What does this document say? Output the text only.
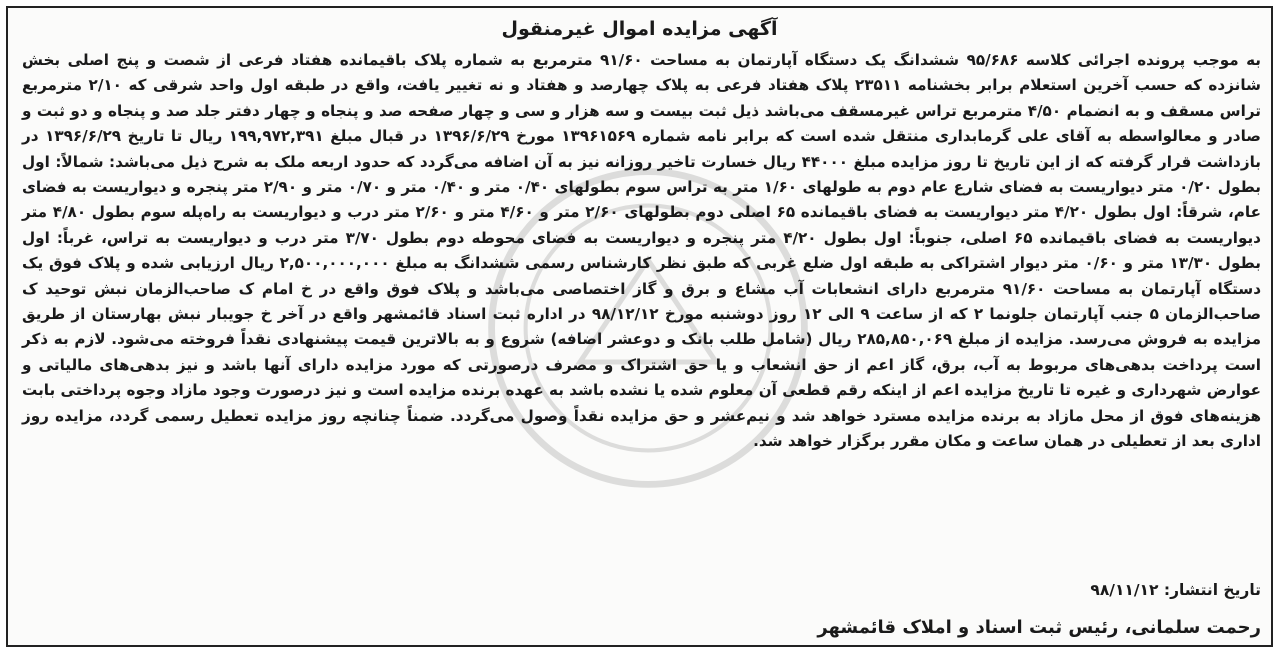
آگهی مزایده اموال غیرمنقول

به موجب پرونده اجرائی کلاسه ۹۵/۶۸۶ ششدانگ یک دستگاه آپارتمان به مساحت ۹۱/۶۰ مترمربع به شماره پلاک باقیمانده هفتاد فرعی از شصت و پنج اصلی بخش شانزده که حسب آخرین استعلام برابر بخشنامه ۲۳۵۱۱ پلاک هفتاد فرعی به پلاک چهارصد و هفتاد و نه تغییر یافت، واقع در طبقه اول واحد شرقی که ۲/۱۰ مترمربع تراس مسقف و به انضمام ۴/۵۰ مترمربع تراس غیرمسقف می‌باشد ذیل ثبت بیست و سه هزار و سی و چهار صفحه صد و پنجاه و چهار دفتر جلد صد و پنجاه و دو ثبت و صادر و معالواسطه به آقای علی گرمابداری منتقل شده است که برابر نامه شماره ۱۳۹۶۱۵۶۹ مورخ ۱۳۹۶/۶/۲۹ در قبال مبلغ ۱۹۹,۹۷۲,۳۹۱ ریال تا تاریخ ۱۳۹۶/۶/۲۹ در بازداشت قرار گرفته که از این تاریخ تا روز مزایده مبلغ ۴۴۰۰۰ ریال خسارت تاخیر روزانه نیز به آن اضافه می‌گردد که حدود اربعه ملک به شرح ذیل می‌باشد: شمالاً: اول بطول ۰/۲۰ متر دیواریست به فضای شارع عام دوم به طولهای ۱/۶۰ متر به تراس سوم بطولهای ۰/۴۰ متر و ۰/۴۰ متر و ۰/۷۰ متر و ۲/۹۰ متر پنجره و دیواریست به فضای عام، شرقاً: اول بطول ۴/۲۰ متر دیواریست به فضای باقیمانده ۶۵ اصلی دوم بطولهای ۲/۶۰ متر و ۴/۶۰ متر و ۲/۶۰ متر درب و دیواریست به راه‌پله سوم بطول ۴/۸۰ متر دیواریست به فضای باقیمانده ۶۵ اصلی، جنوباً: اول بطول ۴/۲۰ متر پنجره و دیواریست به فضای محوطه دوم بطول ۳/۷۰ متر درب و دیواریست به تراس، غرباً: اول بطول ۱۳/۳۰ متر و ۰/۶۰ متر دیوار اشتراکی به طبقه اول ضلع غربی که طبق نظر کارشناس رسمی ششدانگ به مبلغ ۲,۵۰۰,۰۰۰,۰۰۰ ریال ارزیابی شده و پلاک فوق یک دستگاه آپارتمان به مساحت ۹۱/۶۰ مترمربع دارای انشعابات آب مشاع و برق و گاز اختصاصی می‌باشد و پلاک فوق واقع در خ امام ک صاحب‌الزمان نبش توحید ک صاحب‌الزمان ۵ جنب آپارتمان جلونما ۲ که از ساعت ۹ الی ۱۲ روز دوشنبه مورخ ۹۸/۱۲/۱۲ در اداره ثبت اسناد قائمشهر واقع در آخر خ جویبار نبش بهارستان از طریق مزایده به فروش می‌رسد. مزایده از مبلغ ۲۸۵,۸۵۰,۰۶۹ ریال (شامل طلب بانک و دوعشر اضافه) شروع و به بالاترین قیمت پیشنهادی نقداً فروخته می‌شود. لازم به ذکر است پرداخت بدهی‌های مربوط به آب، برق، گاز اعم از حق انشعاب و یا حق اشتراک و مصرف درصورتی که مورد مزایده دارای آنها باشد و نیز بدهی‌های مالیاتی و عوارض شهرداری و غیره تا تاریخ مزایده اعم از اینکه رقم قطعی آن معلوم شده یا نشده باشد به عهده برنده مزایده است و نیز درصورت وجود مازاد وجوه پرداختی بابت هزینه‌های فوق از محل مازاد به برنده مزایده مسترد خواهد شد و نیم‌عشر و حق مزایده نقداً وصول می‌گردد. ضمناً چنانچه روز مزایده تعطیل رسمی گردد، مزایده روز اداری بعد از تعطیلی در همان ساعت و مکان مقرر برگزار خواهد شد.

تاریخ انتشار: ۹۸/۱۱/۱۲
رحمت سلمانی، رئیس ثبت اسناد و املاک قائمشهر
